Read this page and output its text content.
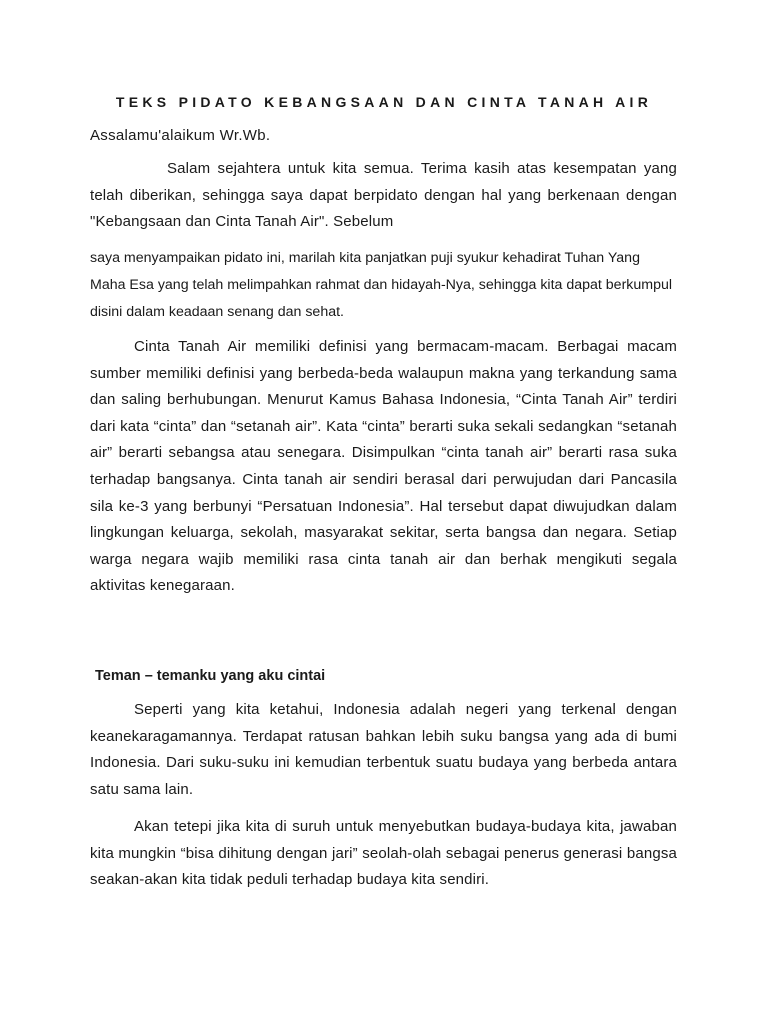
TEKS PIDATO KEBANGSAAN DAN CINTA TANAH AIR
Assalamu'alaikum Wr.Wb.
Salam sejahtera untuk kita semua. Terima kasih atas kesempatan yang telah diberikan, sehingga saya dapat berpidato dengan hal yang berkenaan dengan "Kebangsaan dan Cinta Tanah Air". Sebelum
saya menyampaikan pidato ini, marilah kita panjatkan puji syukur kehadirat Tuhan Yang Maha Esa yang telah melimpahkan rahmat dan hidayah-Nya, sehingga kita dapat berkumpul disini dalam keadaan senang dan sehat.
Cinta Tanah Air memiliki definisi yang bermacam-macam. Berbagai macam sumber memiliki definisi yang berbeda-beda walaupun makna yang terkandung sama dan saling berhubungan. Menurut Kamus Bahasa Indonesia, “Cinta Tanah Air” terdiri dari kata “cinta” dan “setanah air”. Kata “cinta” berarti suka sekali sedangkan “setanah air” berarti sebangsa atau senegara. Disimpulkan “cinta tanah air” berarti rasa suka terhadap bangsanya. Cinta tanah air sendiri berasal dari perwujudan dari Pancasila sila ke-3 yang berbunyi “Persatuan Indonesia”. Hal tersebut dapat diwujudkan dalam lingkungan keluarga, sekolah, masyarakat sekitar, serta bangsa dan negara. Setiap warga negara wajib memiliki rasa cinta tanah air dan berhak mengikuti segala aktivitas kenegaraan.
Teman – temanku yang aku cintai
Seperti yang kita ketahui, Indonesia adalah negeri yang terkenal dengan keanekaragamannya. Terdapat ratusan bahkan lebih suku bangsa yang ada di bumi Indonesia. Dari suku-suku ini kemudian terbentuk suatu budaya yang berbeda antara satu sama lain.
Akan tetepi jika kita di suruh untuk menyebutkan budaya-budaya kita, jawaban kita mungkin “bisa dihitung dengan jari” seolah-olah sebagai penerus generasi bangsa seakan-akan kita tidak peduli terhadap budaya kita sendiri.
